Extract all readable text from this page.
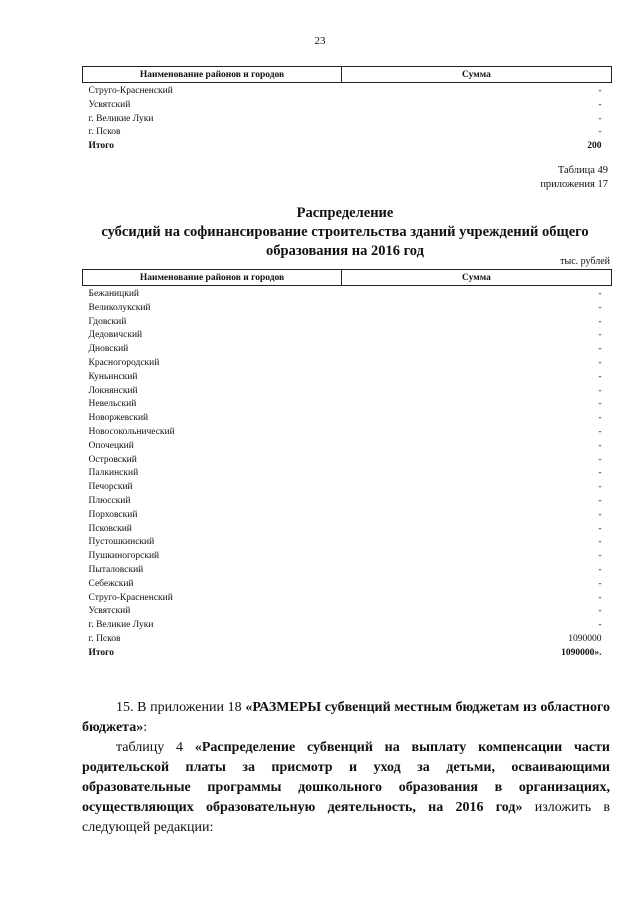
23
Наименование районов и городов	Сумма
Струго-Красненский	-
Усвятский	-
г. Великие Луки	-
г. Псков	-
Итого	200
Таблица 49
приложения 17
Распределение
субсидий на софинансирование строительства зданий учреждений общего
образования на 2016 год
тыс. рублей
Наименование районов и городов	Сумма
Бежаницкий	-
Великолукский	-
Гдовский	-
Дедовичский	-
Дновский	-
Красногородский	-
Куньинский	-
Локнянский	-
Невельский	-
Новоржевский	-
Новосокольнический	-
Опочецкий	-
Островский	-
Палкинский	-
Печорский	-
Плюсский	-
Порховский	-
Псковский	-
Пустошкинский	-
Пушкиногорский	-
Пыталовский	-
Себежский	-
Струго-Красненский	-
Усвятский	-
г. Великие Луки	-
г. Псков	1090000
Итого	1090000».

15. В приложении 18 «РАЗМЕРЫ субвенций местным бюджетам из областного бюджета»:

таблицу 4 «Распределение субвенций на выплату компенсации части родительской платы за присмотр и уход за детьми, осваивающими образовательные программы дошкольного образования в организациях, осуществляющих образовательную деятельность, на 2016 год» изложить в следующей редакции:
